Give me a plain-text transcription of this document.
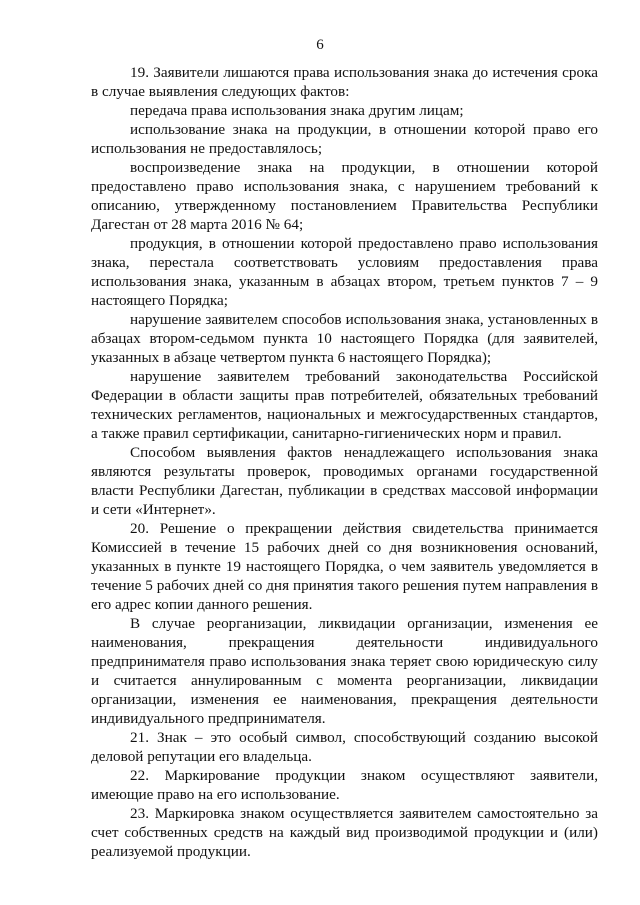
6

19. Заявители лишаются права использования знака до истечения срока в случае выявления следующих фактов:

передача права использования знака другим лицам;

использование знака на продукции, в отношении которой право его использования не предоставлялось;

воспроизведение знака на продукции, в отношении которой предоставлено право использования знака, с нарушением требований к описанию, утвержденному постановлением Правительства Республики Дагестан от 28 марта 2016 № 64;

продукция, в отношении которой предоставлено право использования знака, перестала соответствовать условиям предоставления права использования знака, указанным в абзацах втором, третьем пунктов 7 – 9 настоящего Порядка;

нарушение заявителем способов использования знака, установленных в абзацах втором-седьмом пункта 10 настоящего Порядка (для заявителей, указанных в абзаце четвертом пункта 6 настоящего Порядка);

нарушение заявителем требований законодательства Российской Федерации в области защиты прав потребителей, обязательных требований технических регламентов, национальных и межгосударственных стандартов, а также правил сертификации, санитарно-гигиенических норм и правил.

Способом выявления фактов ненадлежащего использования знака являются результаты проверок, проводимых органами государственной власти Республики Дагестан, публикации в средствах массовой информации и сети «Интернет».

20. Решение о прекращении действия свидетельства принимается Комиссией в течение 15 рабочих дней со дня возникновения оснований, указанных в пункте 19 настоящего Порядка, о чем заявитель уведомляется в течение 5 рабочих дней со дня принятия такого решения путем направления в его адрес копии данного решения.

В случае реорганизации, ликвидации организации, изменения ее наименования, прекращения деятельности индивидуального предпринимателя право использования знака теряет свою юридическую силу и считается аннулированным с момента реорганизации, ликвидации организации, изменения ее наименования, прекращения деятельности индивидуального предпринимателя.

21. Знак – это особый символ, способствующий созданию высокой деловой репутации его владельца.

22. Маркирование продукции знаком осуществляют заявители, имеющие право на его использование.

23. Маркировка знаком осуществляется заявителем самостоятельно за счет собственных средств на каждый вид производимой продукции и (или) реализуемой продукции.
